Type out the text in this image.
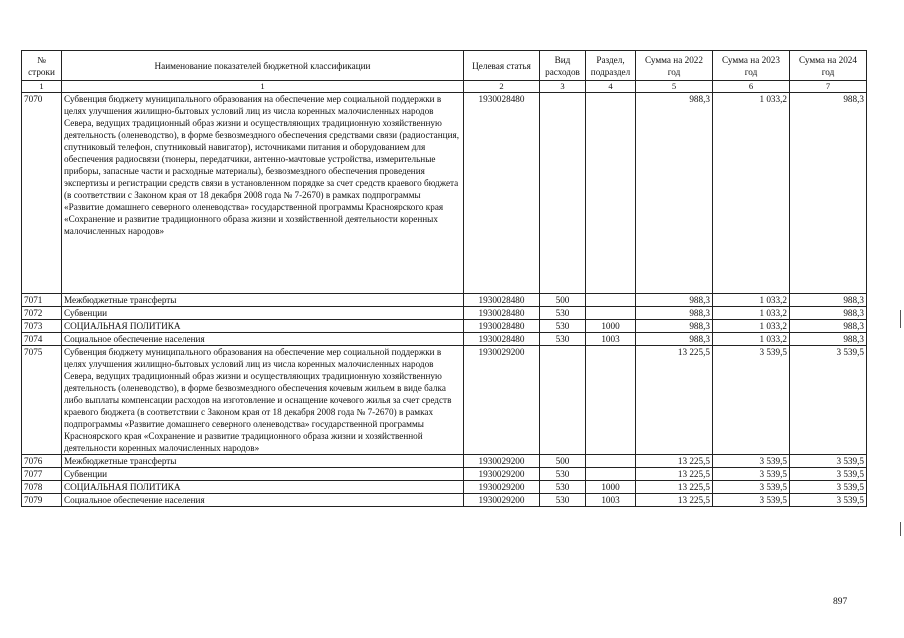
№ строки	Наименование показателей бюджетной классификации	Целевая статья	Вид расходов	Раздел, подраздел	Сумма на 2022 год	Сумма на 2023 год	Сумма на 2024 год
1	1	2	3	4	5	6	7
7070	Субвенция бюджету муниципального образования на обеспечение мер социальной поддержки в целях улучшения жилищно-бытовых условий лиц из числа коренных малочисленных народов Севера, ведущих традиционный образ жизни и осуществляющих традиционную хозяйственную деятельность (оленеводство), в форме безвозмездного обеспечения средствами связи (радиостанция, спутниковый телефон, спутниковый навигатор), источниками питания и оборудованием для обеспечения радиосвязи (тюнеры, передатчики, антенно-мачтовые устройства, измерительные приборы, запасные части и расходные материалы), безвозмездного обеспечения проведения экспертизы и регистрации средств связи в установленном порядке за счет средств краевого бюджета (в соответствии с Законом края от 18 декабря 2008 года № 7-2670) в рамках подпрограммы «Развитие домашнего северного оленеводства» государственной программы Красноярского края «Сохранение и развитие традиционного образа жизни и хозяйственной деятельности коренных малочисленных народов»	1930028480			988,3	1 033,2	988,3
7071	Межбюджетные трансферты	1930028480	500		988,3	1 033,2	988,3
7072	Субвенции	1930028480	530		988,3	1 033,2	988,3
7073	СОЦИАЛЬНАЯ ПОЛИТИКА	1930028480	530	1000	988,3	1 033,2	988,3
7074	Социальное обеспечение населения	1930028480	530	1003	988,3	1 033,2	988,3
7075	Субвенция бюджету муниципального образования на обеспечение мер социальной поддержки в целях улучшения жилищно-бытовых условий лиц из числа коренных малочисленных народов Севера, ведущих традиционный образ жизни и осуществляющих традиционную хозяйственную деятельность (оленеводство), в форме безвозмездного обеспечения кочевым жильем в виде балка либо выплаты компенсации расходов на изготовление и оснащение кочевого жилья за счет средств краевого бюджета (в соответствии с Законом края от 18 декабря 2008 года № 7-2670) в рамках подпрограммы «Развитие домашнего северного оленеводства» государственной программы Красноярского края «Сохранение и развитие традиционного образа жизни и хозяйственной деятельности коренных малочисленных народов»	1930029200			13 225,5	3 539,5	3 539,5
7076	Межбюджетные трансферты	1930029200	500		13 225,5	3 539,5	3 539,5
7077	Субвенции	1930029200	530		13 225,5	3 539,5	3 539,5
7078	СОЦИАЛЬНАЯ ПОЛИТИКА	1930029200	530	1000	13 225,5	3 539,5	3 539,5
7079	Социальное обеспечение населения	1930029200	530	1003	13 225,5	3 539,5	3 539,5
897
